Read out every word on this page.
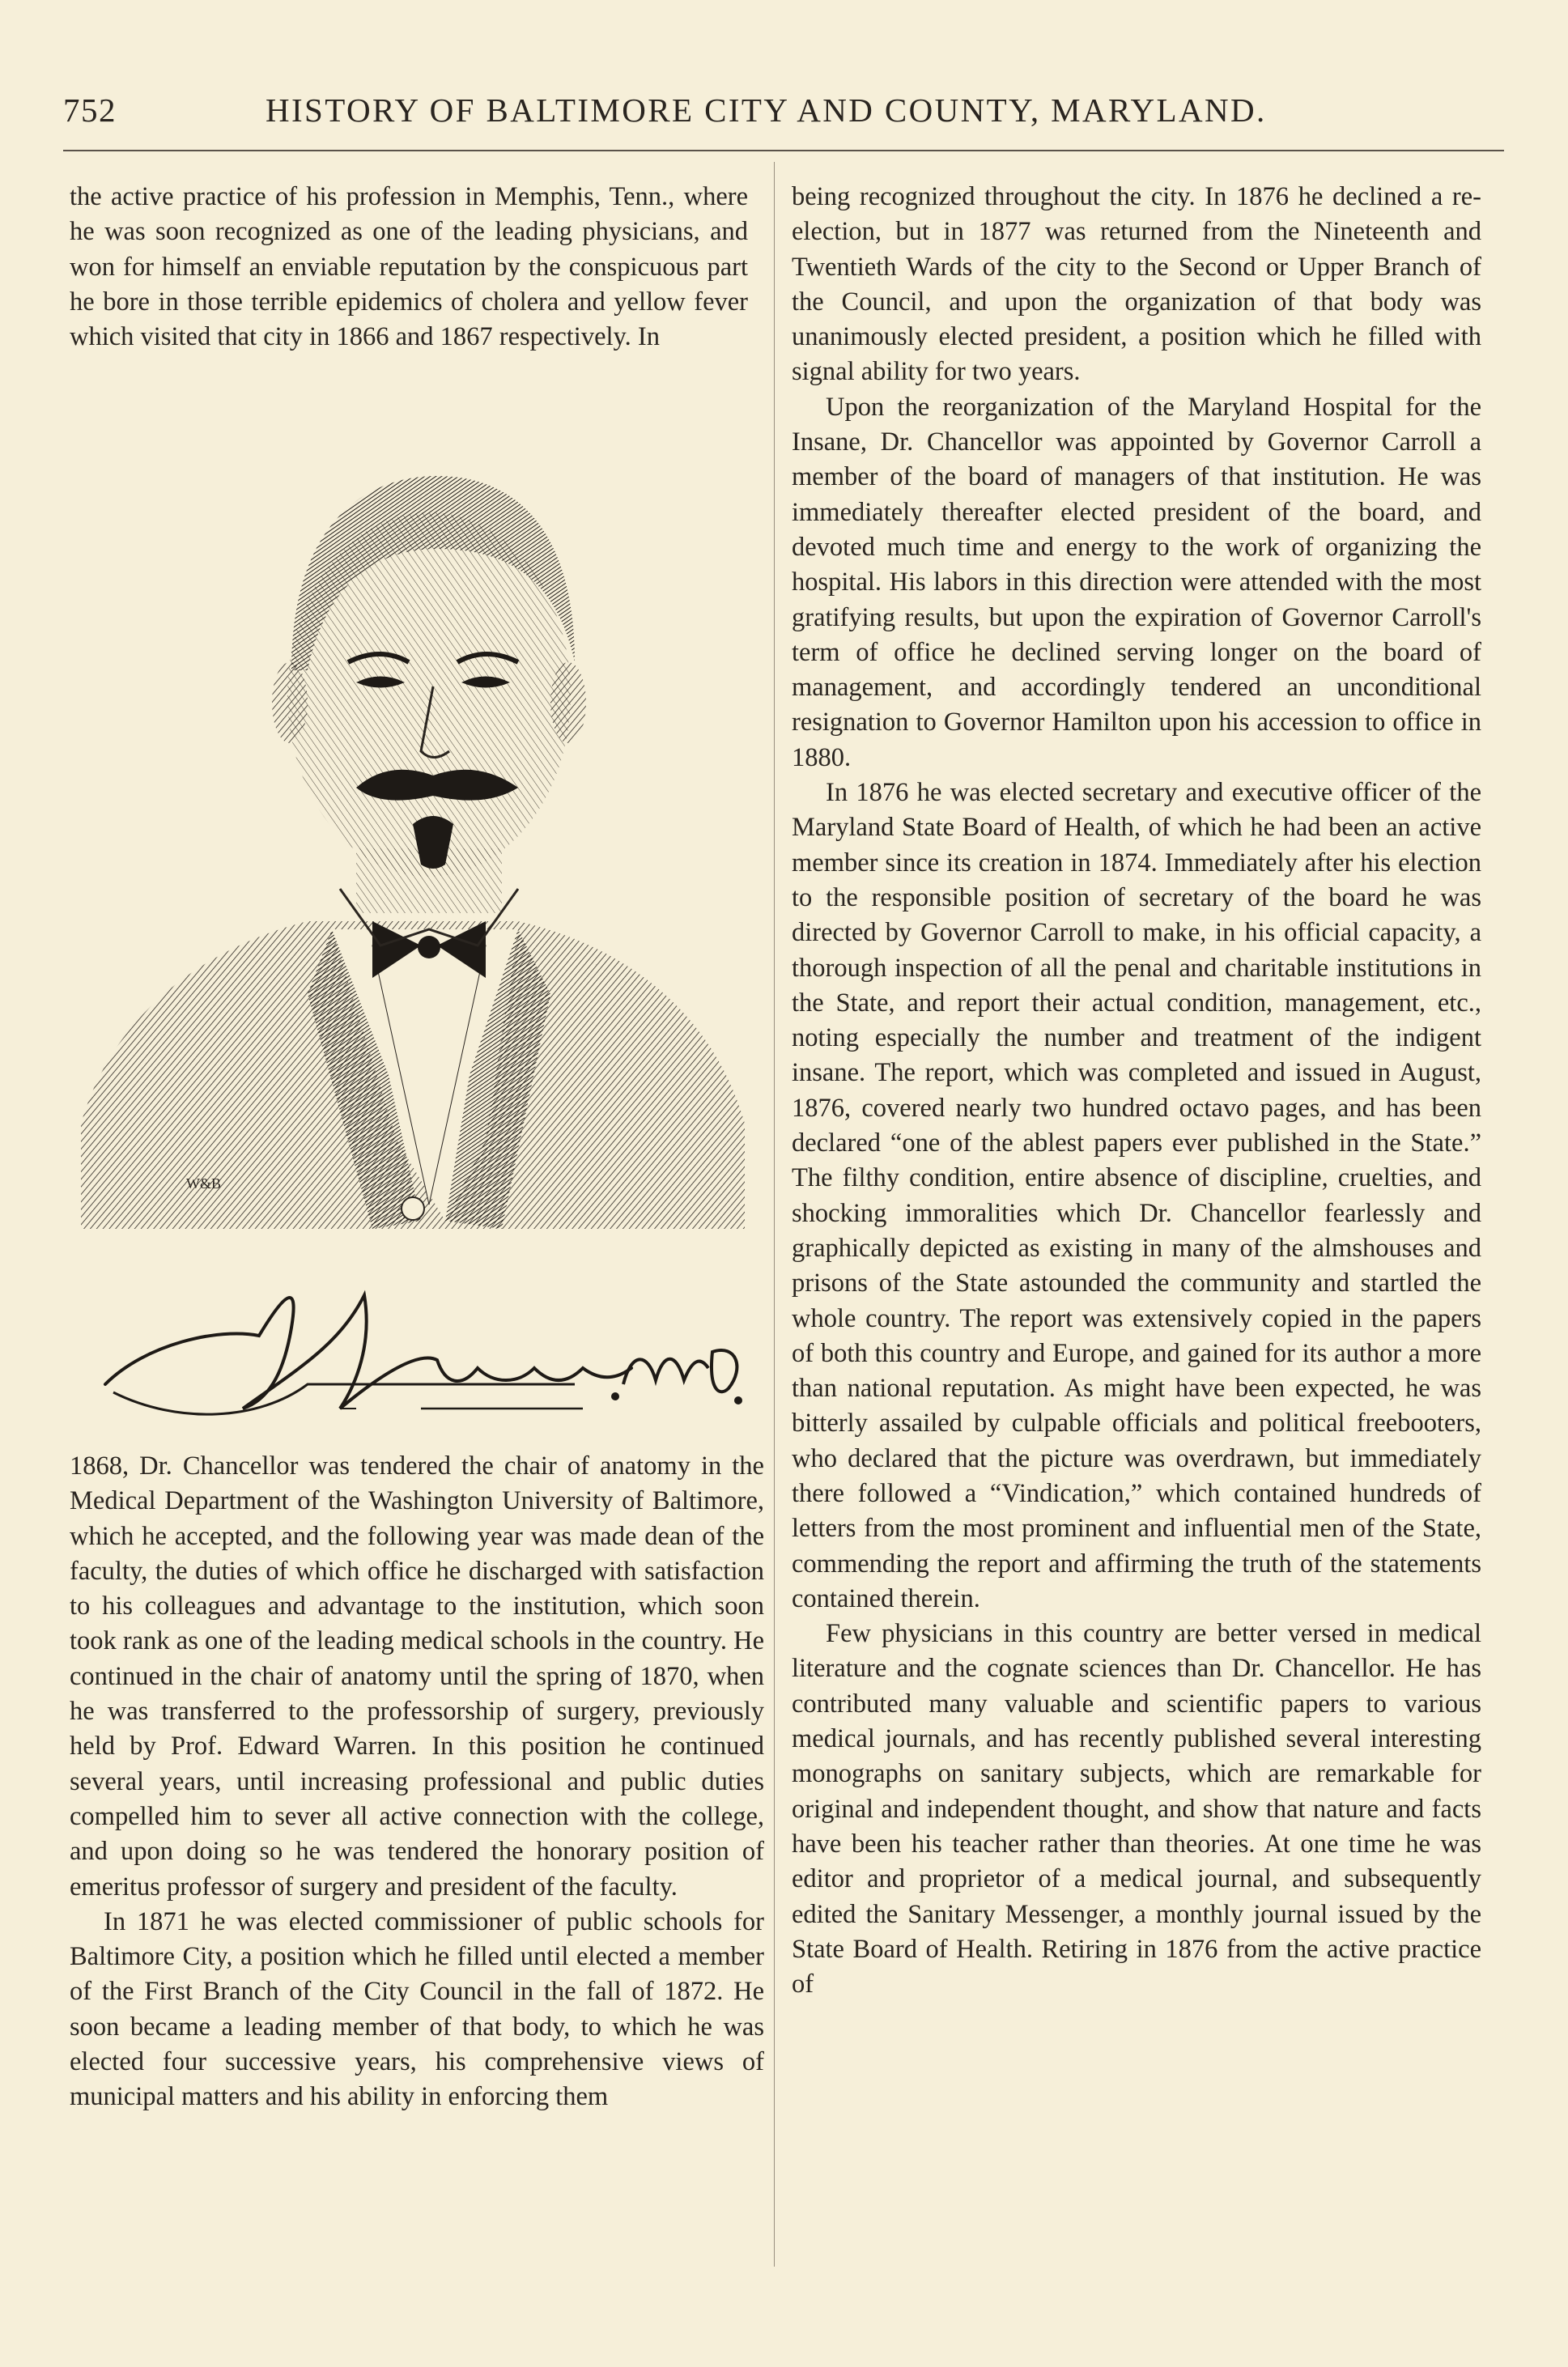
752	HISTORY OF BALTIMORE CITY AND COUNTY, MARYLAND.

the active practice of his profession in Memphis, Tenn., where he was soon recognized as one of the leading physicians, and won for himself an enviable reputation by the conspicuous part he bore in those terrible epidemics of cholera and yellow fever which visited that city in 1866 and 1867 respectively. In

W&B

1868, Dr. Chancellor was tendered the chair of anatomy in the Medical Department of the Washington University of Baltimore, which he accepted, and the following year was made dean of the faculty, the duties of which office he discharged with satisfaction to his colleagues and advantage to the institution, which soon took rank as one of the leading medical schools in the country. He continued in the chair of anatomy until the spring of 1870, when he was transferred to the professorship of surgery, previously held by Prof. Edward Warren. In this position he continued several years, until increasing professional and public duties compelled him to sever all active connection with the college, and upon doing so he was tendered the honorary position of emeritus professor of surgery and president of the faculty.

In 1871 he was elected commissioner of public schools for Baltimore City, a position which he filled until elected a member of the First Branch of the City Council in the fall of 1872. He soon became a leading member of that body, to which he was elected four successive years, his comprehensive views of municipal matters and his ability in enforcing them

being recognized throughout the city. In 1876 he declined a re-election, but in 1877 was returned from the Nineteenth and Twentieth Wards of the city to the Second or Upper Branch of the Council, and upon the organization of that body was unanimously elected president, a position which he filled with signal ability for two years.

Upon the reorganization of the Maryland Hospital for the Insane, Dr. Chancellor was appointed by Governor Carroll a member of the board of managers of that institution. He was immediately thereafter elected president of the board, and devoted much time and energy to the work of organizing the hospital. His labors in this direction were attended with the most gratifying results, but upon the expiration of Governor Carroll's term of office he declined serving longer on the board of management, and accordingly tendered an unconditional resignation to Governor Hamilton upon his accession to office in 1880.

In 1876 he was elected secretary and executive officer of the Maryland State Board of Health, of which he had been an active member since its creation in 1874. Immediately after his election to the responsible position of secretary of the board he was directed by Governor Carroll to make, in his official capacity, a thorough inspection of all the penal and charitable institutions in the State, and report their actual condition, management, etc., noting especially the number and treatment of the indigent insane. The report, which was completed and issued in August, 1876, covered nearly two hundred octavo pages, and has been declared “one of the ablest papers ever published in the State.” The filthy condition, entire absence of discipline, cruelties, and shocking immoralities which Dr. Chancellor fearlessly and graphically depicted as existing in many of the almshouses and prisons of the State astounded the community and startled the whole country. The report was extensively copied in the papers of both this country and Europe, and gained for its author a more than national reputation. As might have been expected, he was bitterly assailed by culpable officials and political freebooters, who declared that the picture was overdrawn, but immediately there followed a “Vindication,” which contained hundreds of letters from the most prominent and influential men of the State, commending the report and affirming the truth of the statements contained therein.

Few physicians in this country are better versed in medical literature and the cognate sciences than Dr. Chancellor. He has contributed many valuable and scientific papers to various medical journals, and has recently published several interesting monographs on sanitary subjects, which are remarkable for original and independent thought, and show that nature and facts have been his teacher rather than theories. At one time he was editor and proprietor of a medical journal, and subsequently edited the Sanitary Messenger, a monthly journal issued by the State Board of Health. Retiring in 1876 from the active practice of
